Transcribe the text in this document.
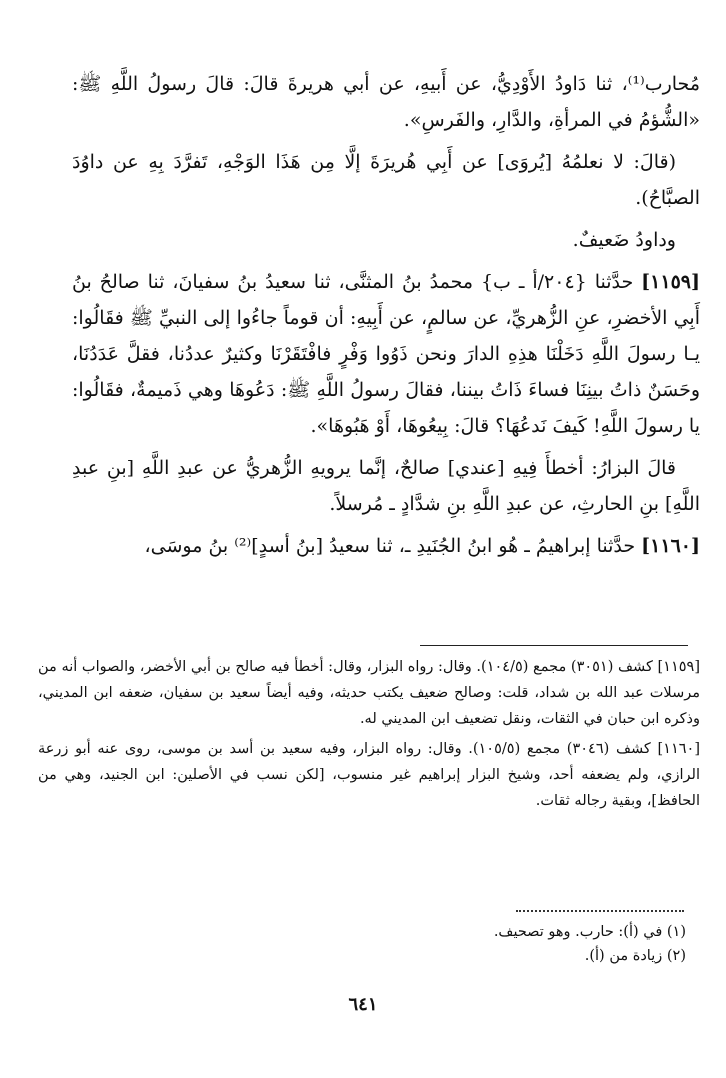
مُحارب⁽¹⁾، ثنا دَاودُ الأَوْدِيُّ، عن أَبيهِ، عن أبي هريرةَ قالَ: قالَ رسولُ اللَّهِ ﷺ: «الشُّؤمُ في المرأةِ، والدَّارِ، والفَرسِ».

(قالَ: لا نعلمُهُ [يُروَى] عن أَبِي هُريرَةَ إلَّا مِن هَذَا الوَجْهِ، تَفرَّدَ بِهِ عن داوُدَ الصبَّاحُ).

وداودُ ضَعيفٌ.

[١١٥٩] حدَّثنا {٢٠٤/أ ـ ب} محمدُ بنُ المثنَّى، ثنا سعيدُ بنُ سفيانَ، ثنا صالحُ بنُ أَبِي الأخضرِ، عنِ الزُّهريِّ، عن سالمٍ، عن أَبِيهِ: أن قوماً جاءُوا إلى النبيِّ ﷺ فقَالُوا: يـا رسولَ اللَّهِ دَخَلْنَا هذِهِ الدارَ ونحن ذَوُوا وَفْرٍ فافْتَقَرْنَا وكثيرٌ عددُنا، فقلَّ عَدَدُنَا، وحَسَنٌ ذاتُ بينِنَا فساءَ ذَاتُ بيننا، فقالَ رسولُ اللَّهِ ﷺ: دَعُوهَا وهي ذَميمةٌ، فقَالُوا: يا رسولَ اللَّهِ! كَيفَ نَدعُهَا؟ قالَ: بِيعُوهَا، أَوْ هَبُوهَا».

قالَ البزارُ: أخطأَ فِيهِ [عندي] صالحٌ، إنَّما يرويهِ الزُّهريُّ عن عبدِ اللَّهِ [بنِ عبدِ اللَّهِ] بنِ الحارثِ، عن عبدِ اللَّهِ بنِ شدَّادٍ ـ مُرسلاً.

[١١٦٠] حدَّثنا إبراهيمُ ـ هُو ابنُ الجُنَيدِ ـ، ثنا سعيدُ [بنُ أسدٍ]⁽²⁾ بنُ موسَى،

[١١٥٩] كشف (٣٠٥١) مجمع (١٠٤/٥). وقال: رواه البزار، وقال: أخطأ فيه صالح بن أبي الأخضر، والصواب أنه من مرسلات عبد الله بن شداد، قلت: وصالح ضعيف يكتب حديثه، وفيه أيضاً سعيد بن سفيان، ضعفه ابن المديني، وذكره ابن حبان في الثقات، ونقل تضعيف ابن المديني له.

[١١٦٠] كشف (٣٠٤٦) مجمع (١٠٥/٥). وقال: رواه البزار، وفيه سعيد بن أسد بن موسى، روى عنه أبو زرعة الرازي، ولم يضعفه أحد، وشيخ البزار إبراهيم غير منسوب، [لكن نسب في الأصلين: ابن الجنيد، وهي من الحافظ]، وبقية رجاله ثقات.

(١) في (أ): حارب. وهو تصحيف.
(٢) زيادة من (أ).
٦٤١
